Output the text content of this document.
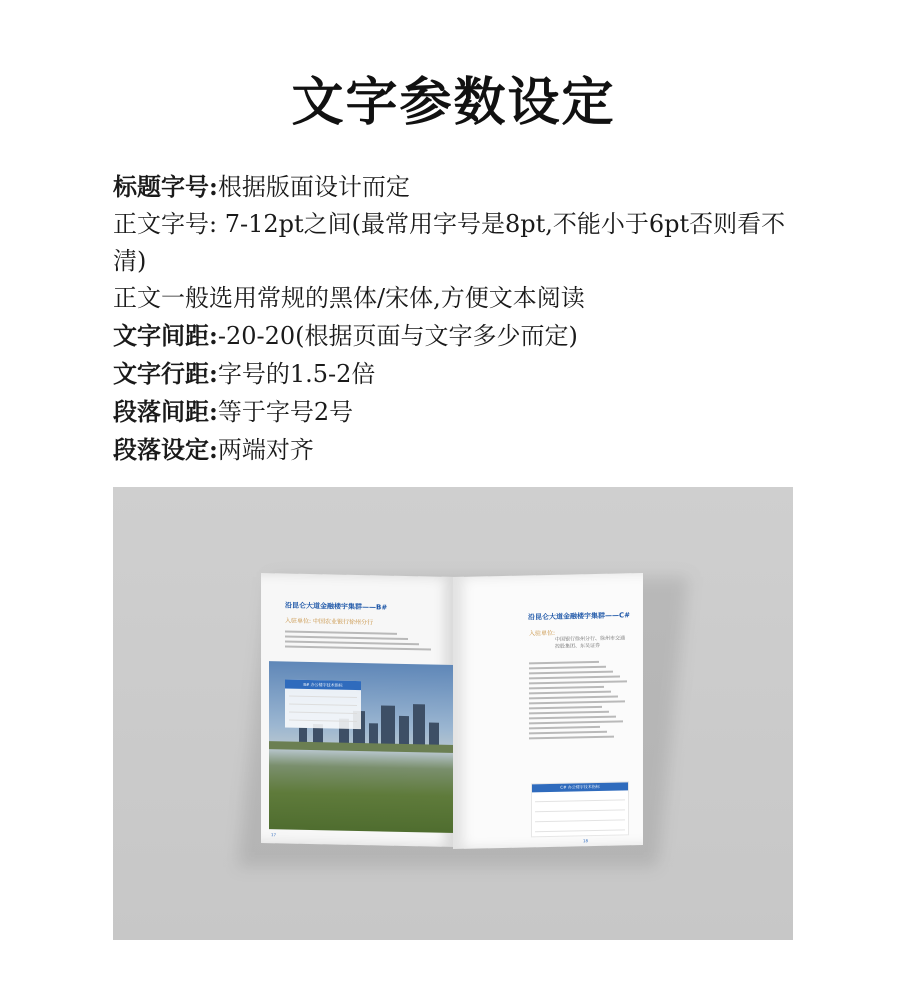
文字参数设定
标题字号:根据版面设计而定
正文字号: 7-12pt之间(最常用字号是8pt,不能小于6pt否则看不清)
正文一般选用常规的黑体/宋体,方便文本阅读
文字间距:-20-20(根据页面与文字多少而定)
文字行距:字号的1.5-2倍
段落间距:等于字号2号
段落设定:两端对齐
沿昆仑大道金融楼宇集群——B#
入驻单位: 中国农业银行徐州分行
B# 办公楼宇技术指标
17
沿昆仑大道金融楼宇集群——C#
入驻单位:
中国银行徐州分行、徐州市交通控股集团、东吴证券
C# 办公楼宇技术指标
18
